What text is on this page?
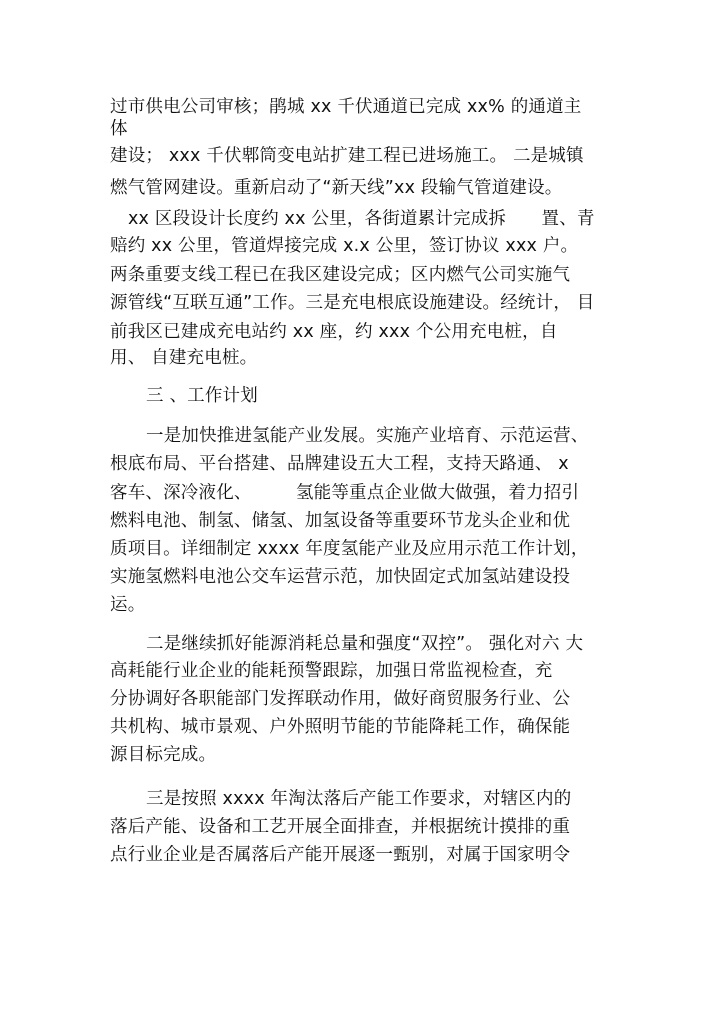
过市供电公司审核；鹃城 xx 千伏通道已完成 xx% 的通道主

体

建设； xxx 千伏郫筒变电站扩建工程已进场施工。 二是城镇

燃气管网建设。重新启动了“新天线”xx 段输气管道建设。

xx 区段设计长度约 xx 公里，各街道累计完成拆　　置、青

赔约 xx 公里，管道焊接完成 x.x 公里，签订协议 xxx 户。

两条重要支线工程已在我区建设完成；区内燃气公司实施气

源管线“互联互通”工作。三是充电根底设施建设。经统计， 目

前我区已建成充电站约 xx 座，约 xxx 个公用充电桩，自

用、 自建充电桩。

三 、工作计划

一是加快推进氢能产业发展。实施产业培育、示范运营、

根底布局、平台搭建、品牌建设五大工程，支持天路通、 x

客车、深冷液化、　　　氢能等重点企业做大做强，着力招引

燃料电池、制氢、储氢、加氢设备等重要环节龙头企业和优

质项目。详细制定 xxxx 年度氢能产业及应用示范工作计划，

实施氢燃料电池公交车运营示范，加快固定式加氢站建设投

运。

二是继续抓好能源消耗总量和强度“双控”。 强化对六 大

高耗能行业企业的能耗预警跟踪，加强日常监视检查，充

分协调好各职能部门发挥联动作用，做好商贸服务行业、公

共机构、城市景观、户外照明节能的节能降耗工作，确保能

源目标完成。

三是按照 xxxx 年淘汰落后产能工作要求，对辖区内的

落后产能、设备和工艺开展全面排查，并根据统计摸排的重

点行业企业是否属落后产能开展逐一甄别，对属于国家明令
